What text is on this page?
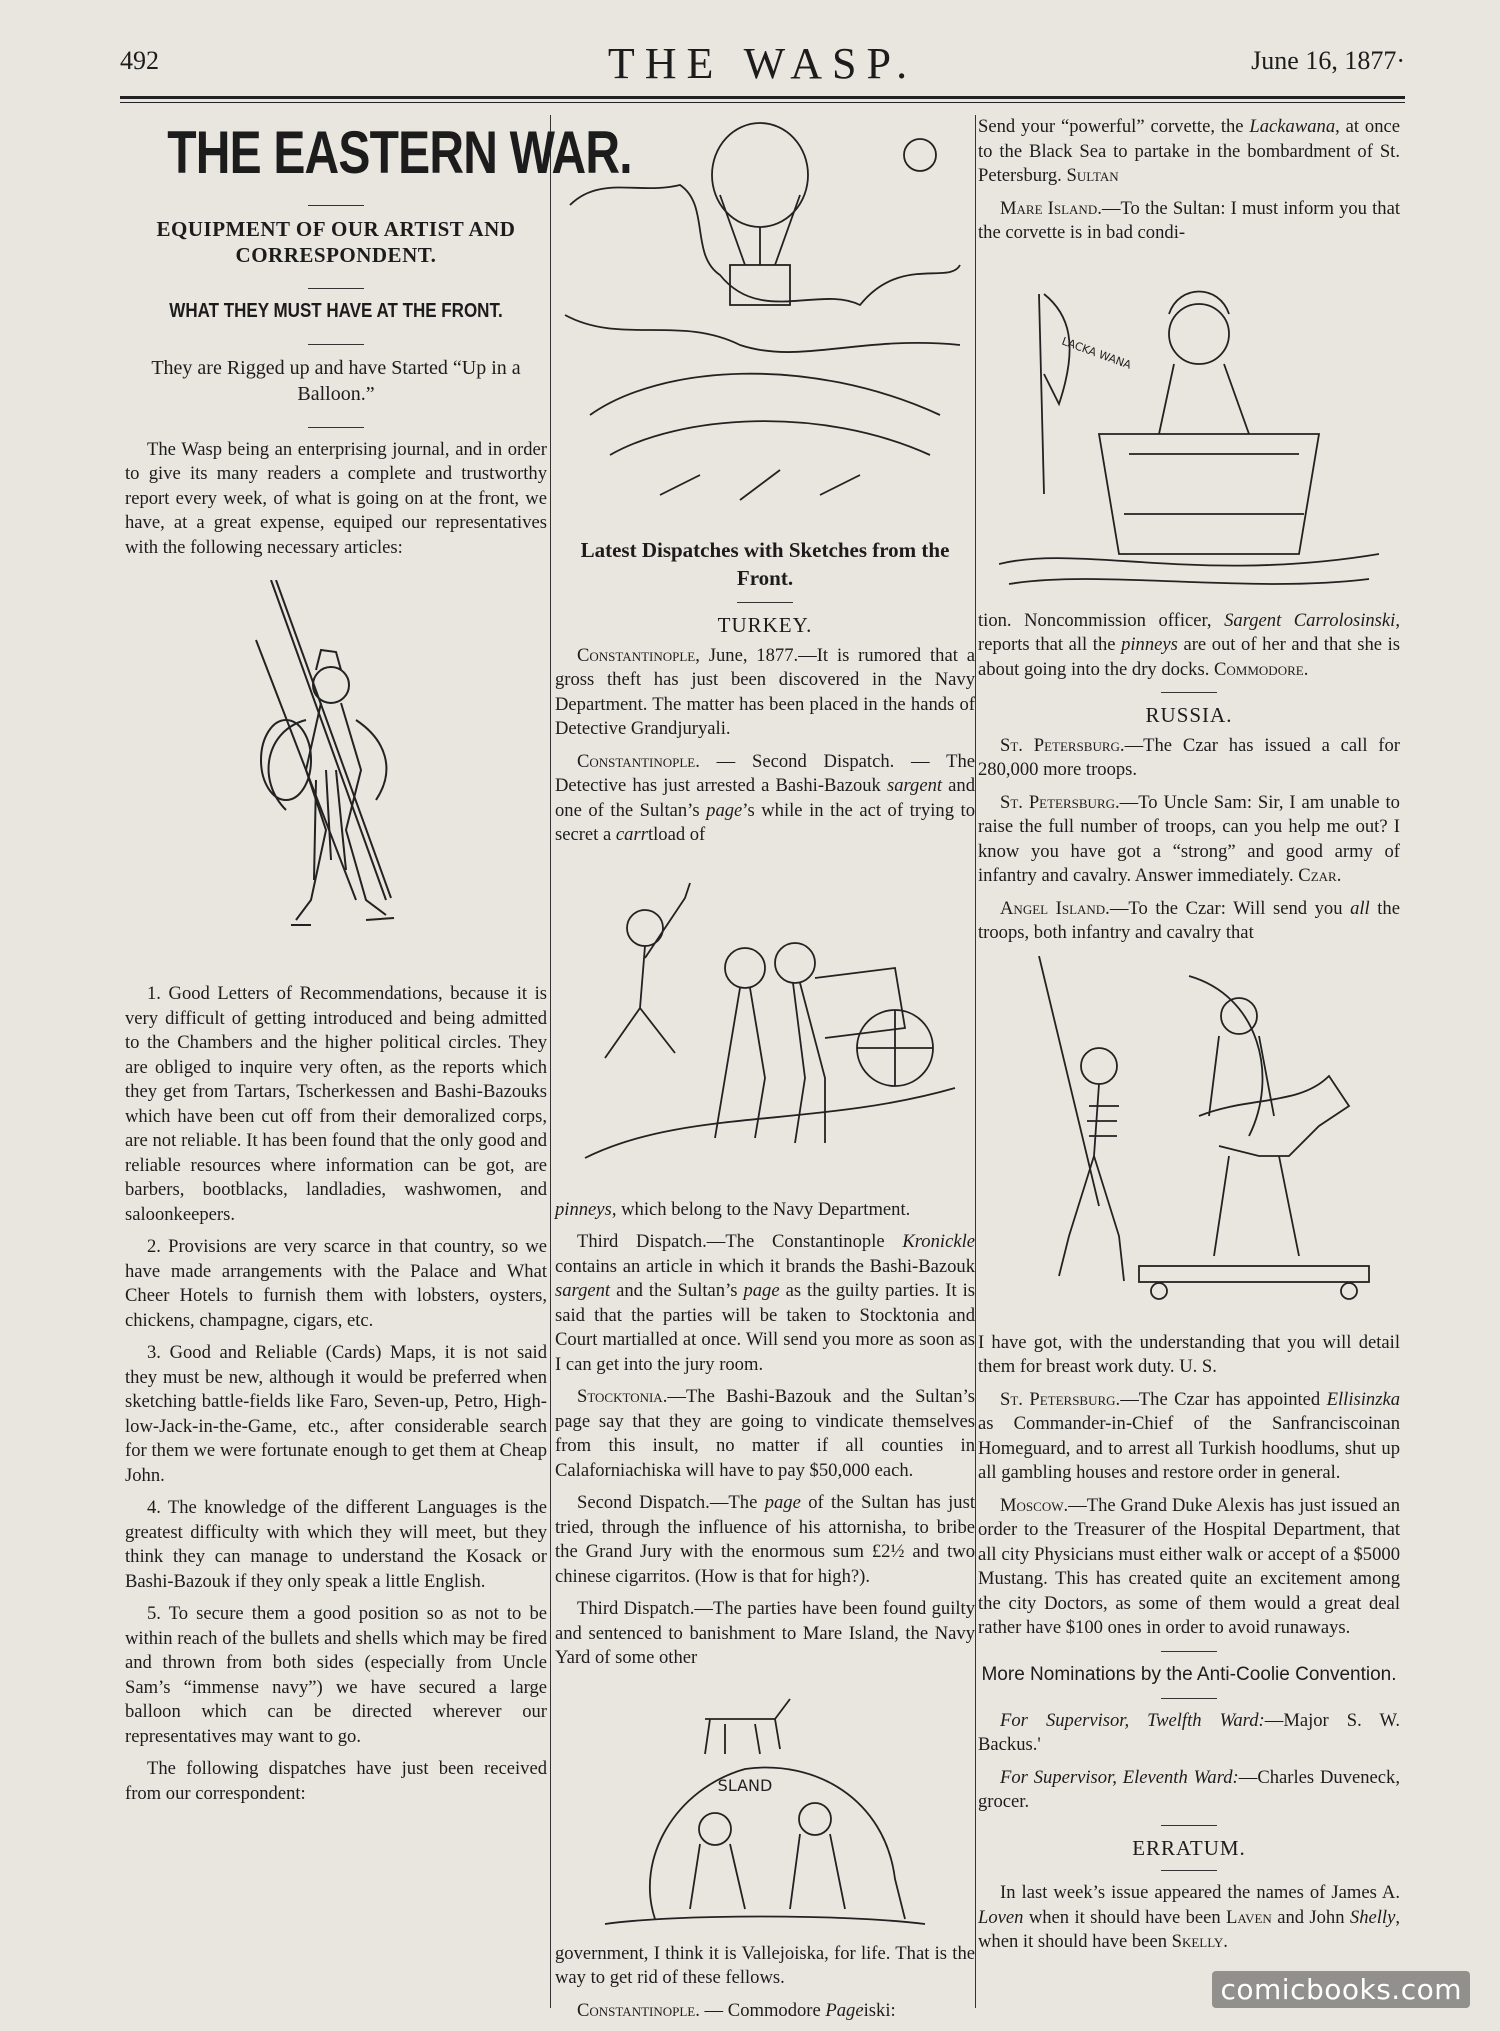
492	THE WASP.	June 16, 1877·
THE EASTERN WAR.
EQUIPMENT OF OUR ARTIST AND CORRESPONDENT.
WHAT THEY MUST HAVE AT THE FRONT.
They are Rigged up and have Started “Up in a Balloon.”

The Wasp being an enterprising journal, and in order to give its many readers a complete and trustworthy report every week, of what is going on at the front, we have, at a great expense, equiped our representatives with the following necessary articles:

1. Good Letters of Recommendations, because it is very difficult of getting introduced and being admitted to the Chambers and the higher political circles. They are obliged to inquire very often, as the reports which they get from Tartars, Tscherkessen and Bashi-Bazouks which have been cut off from their demoralized corps, are not reliable. It has been found that the only good and reliable resources where information can be got, are barbers, bootblacks, landladies, washwomen, and saloonkeepers.

2. Provisions are very scarce in that country, so we have made arrangements with the Palace and What Cheer Hotels to furnish them with lobsters, oysters, chickens, champagne, cigars, etc.

3. Good and Reliable (Cards) Maps, it is not said they must be new, although it would be preferred when sketching battle-fields like Faro, Seven-up, Petro, High-low-Jack-in-the-Game, etc., after considerable search for them we were fortunate enough to get them at Cheap John.

4. The knowledge of the different Languages is the greatest difficulty with which they will meet, but they think they can manage to understand the Kosack or Bashi-Bazouk if they only speak a little English.

5. To secure them a good position so as not to be within reach of the bullets and shells which may be fired and thrown from both sides (especially from Uncle Sam’s “immense navy”) we have secured a large balloon which can be directed wherever our representatives may want to go.

The following dispatches have just been received from our correspondent:

Latest Dispatches with Sketches from the Front.
TURKEY.

Constantinople, June, 1877.—It is rumored that a gross theft has just been discovered in the Navy Department. The matter has been placed in the hands of Detective Grandjuryali.

Constantinople. — Second Dispatch. — The Detective has just arrested a Bashi-Bazouk sargent and one of the Sultan’s page’s while in the act of trying to secret a carrtload of

pinneys, which belong to the Navy Department.

Third Dispatch.—The Constantinople Kronickle contains an article in which it brands the Bashi-Bazouk sargent and the Sultan’s page as the guilty parties. It is said that the parties will be taken to Stocktonia and Court martialled at once. Will send you more as soon as I can get into the jury room.

Stocktonia.—The Bashi-Bazouk and the Sultan’s page say that they are going to vindicate themselves from this insult, no matter if all counties in Calaforniachiska will have to pay $50,000 each.

Second Dispatch.—The page of the Sultan has just tried, through the influence of his attornisha, to bribe the Grand Jury with the enormous sum £2½ and two chinese cigarritos. (How is that for high?).

Third Dispatch.—The parties have been found guilty and sentenced to banishment to Mare Island, the Navy Yard of some other

SLAND

government, I think it is Vallejoiska, for life. That is the way to get rid of these fellows.

Constantinople. — Commodore Pageiski:

Send your “powerful” corvette, the Lackawana, at once to the Black Sea to partake in the bombardment of St. Petersburg. Sultan

Mare Island.—To the Sultan: I must inform you that the corvette is in bad condi-

LACKA WANA

tion. Noncommission officer, Sargent Carrolosinski, reports that all the pinneys are out of her and that she is about going into the dry docks. Commodore.

RUSSIA.

St. Petersburg.—The Czar has issued a call for 280,000 more troops.

St. Petersburg.—To Uncle Sam: Sir, I am unable to raise the full number of troops, can you help me out? I know you have got a “strong” and good army of infantry and cavalry. Answer immediately. Czar.

Angel Island.—To the Czar: Will send you all the troops, both infantry and cavalry that

I have got, with the understanding that you will detail them for breast work duty. U. S.

St. Petersburg.—The Czar has appointed Ellisinzka as Commander-in-Chief of the Sanfranciscoinan Homeguard, and to arrest all Turkish hoodlums, shut up all gambling houses and restore order in general.

Moscow.—The Grand Duke Alexis has just issued an order to the Treasurer of the Hospital Department, that all city Physicians must either walk or accept of a $5000 Mustang. This has created quite an excitement among the city Doctors, as some of them would a great deal rather have $100 ones in order to avoid runaways.

More Nominations by the Anti-Coolie Convention.

For Supervisor, Twelfth Ward:—Major S. W. Backus.'

For Supervisor, Eleventh Ward:—Charles Duveneck, grocer.

ERRATUM.

In last week’s issue appeared the names of James A. Loven when it should have been Laven and John Shelly, when it should have been Skelly.

comicbooks.com
